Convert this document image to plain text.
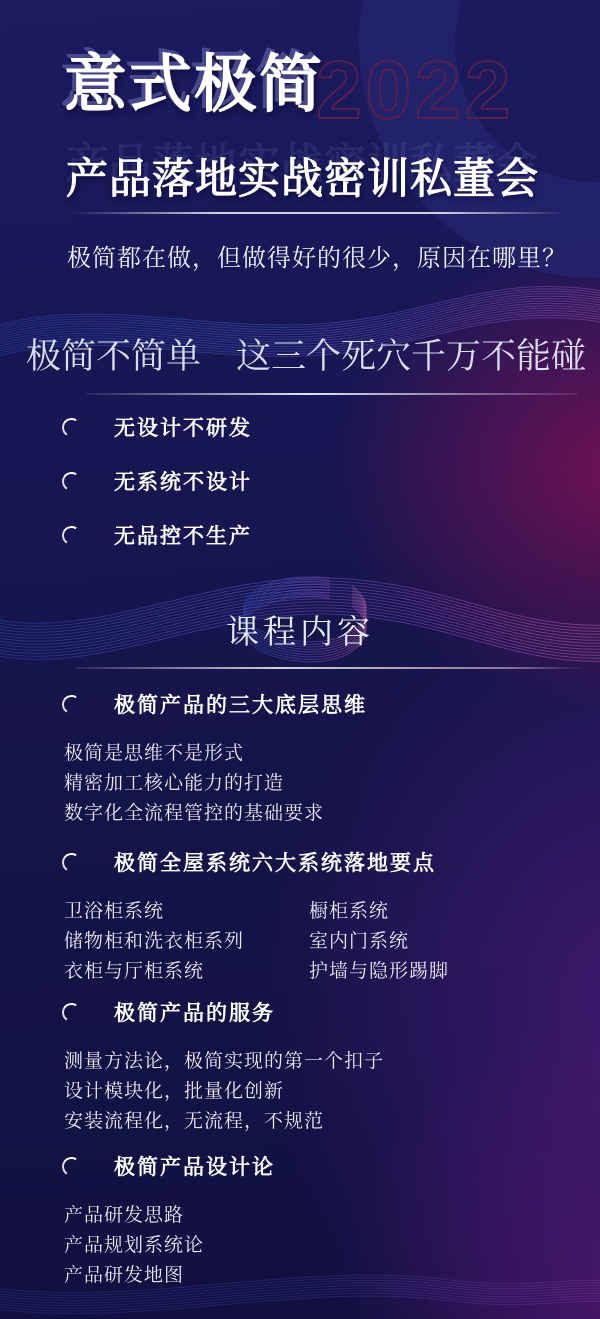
2022
意式极简
产品落地实战密训私董会

极简都在做，但做得好的很少，原因在哪里？

极简不简单　这三个死穴千万不能碰
无设计不研发
无系统不设计
无品控不生产
课程内容
极简产品的三大底层思维
极简是思维不是形式
精密加工核心能力的打造
数字化全流程管控的基础要求
极简全屋系统六大系统落地要点
卫浴柜系统
储物柜和洗衣柜系列
衣柜与厅柜系统
橱柜系统
室内门系统
护墙与隐形踢脚
极简产品的服务
测量方法论，极简实现的第一个扣子
设计模块化，批量化创新
安装流程化，无流程，不规范
极简产品设计论
产品研发思路
产品规划系统论
产品研发地图
